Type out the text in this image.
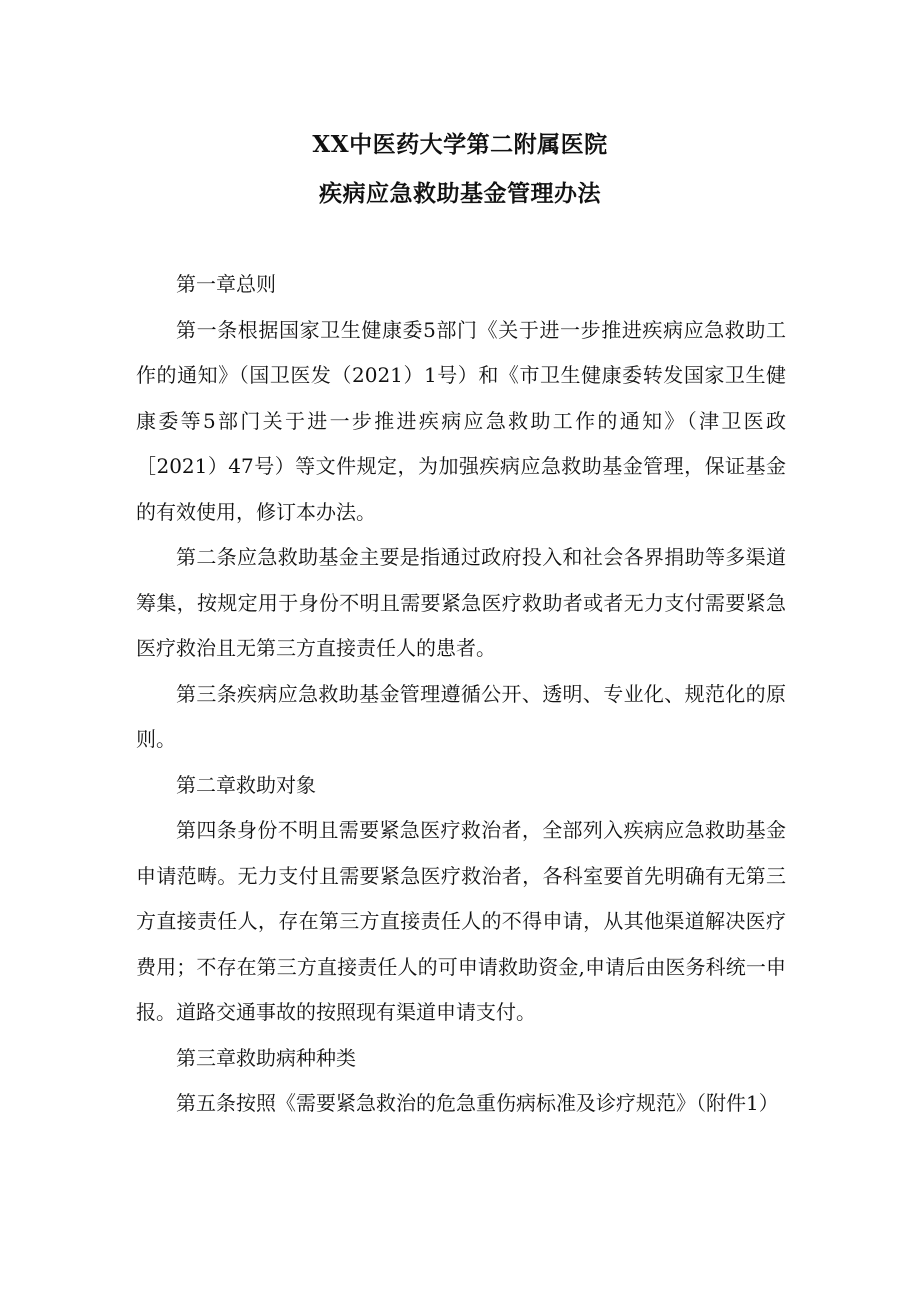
XX中医药大学第二附属医院
疾病应急救助基金管理办法

第一章总则

第一条根据国家卫生健康委5部门《关于进一步推进疾病应急救助工作的通知》（国卫医发（2021）1号）和《市卫生健康委转发国家卫生健康委等5部门关于进一步推进疾病应急救助工作的通知》（津卫医政［2021）47号）等文件规定，为加强疾病应急救助基金管理，保证基金的有效使用，修订本办法。

第二条应急救助基金主要是指通过政府投入和社会各界捐助等多渠道筹集，按规定用于身份不明且需要紧急医疗救助者或者无力支付需要紧急医疗救治且无第三方直接责任人的患者。

第三条疾病应急救助基金管理遵循公开、透明、专业化、规范化的原则。

第二章救助对象

第四条身份不明且需要紧急医疗救治者，全部列入疾病应急救助基金申请范畴。无力支付且需要紧急医疗救治者，各科室要首先明确有无第三方直接责任人，存在第三方直接责任人的不得申请，从其他渠道解决医疗费用；不存在第三方直接责任人的可申请救助资金,申请后由医务科统一申报。道路交通事故的按照现有渠道申请支付。

第三章救助病种种类

第五条按照《需要紧急救治的危急重伤病标准及诊疗规范》（附件1）
